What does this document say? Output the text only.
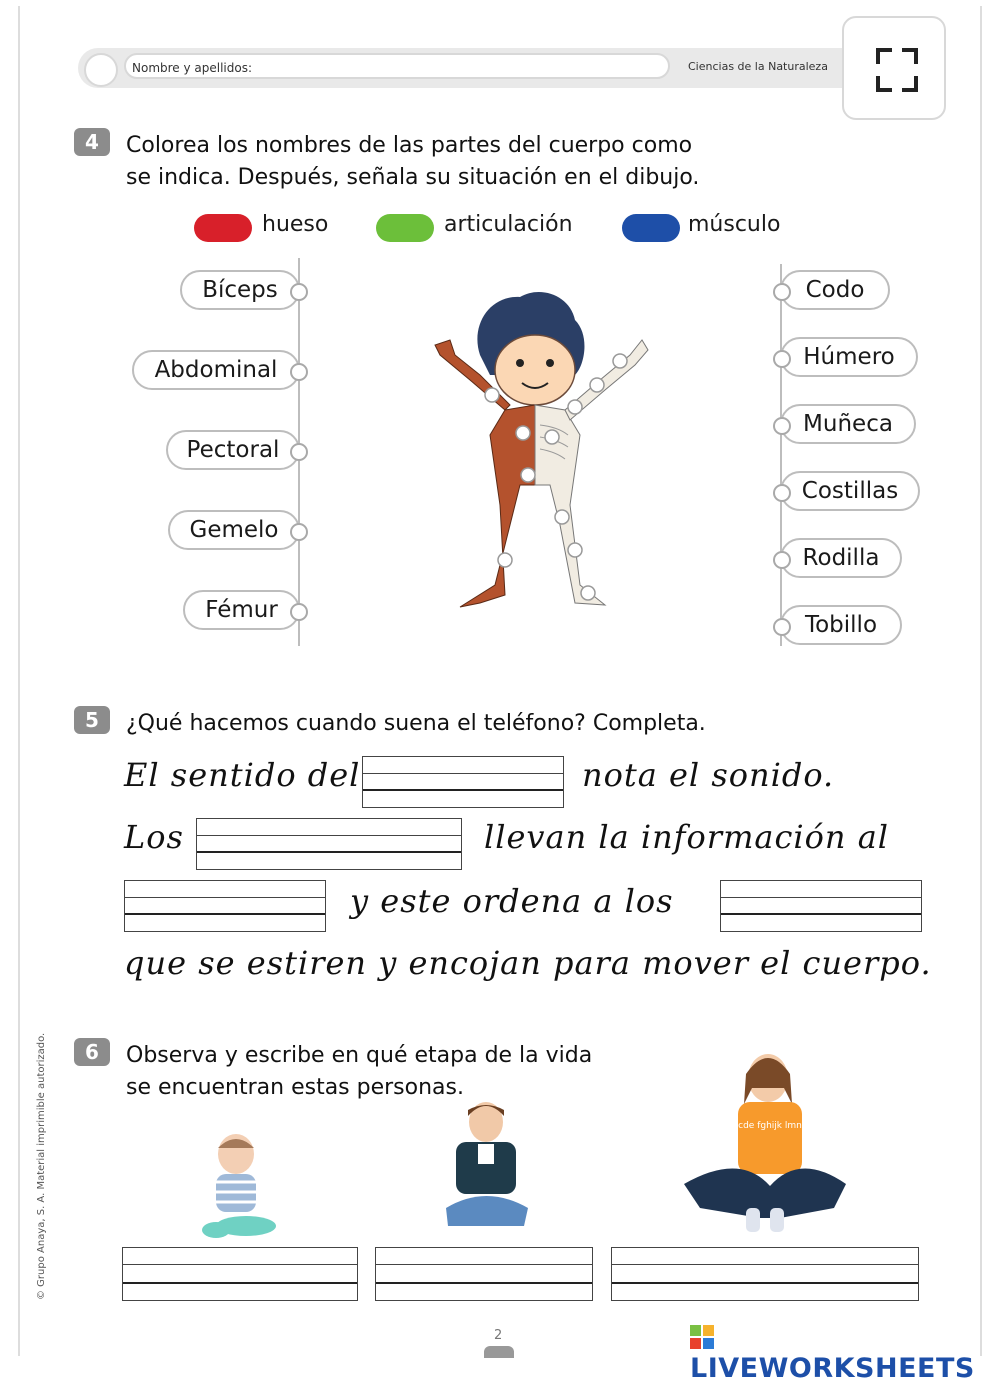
Nombre y apellidos:	Ciencias de la Naturaleza
4	Colorea los nombres de las partes del cuerpo como
se indica. Después, señala su situación en el dibujo.
hueso	articulación	músculo
Bíceps
Abdominal
Pectoral
Gemelo
Fémur
Codo
Húmero
Muñeca
Costillas
Rodilla
Tobillo
5	¿Qué hacemos cuando suena el teléfono? Completa.
El sentido del	nota el sonido.
Los	llevan la información al
y este ordena a los
que se estiren y encojan para mover el cuerpo.
6	Observa y escribe en qué etapa de la vida
se encuentran estas personas.
abcde fghijk lmnop
© Grupo Anaya, S. A. Material imprimible autorizado.
2
LIVEWORKSHEETS
